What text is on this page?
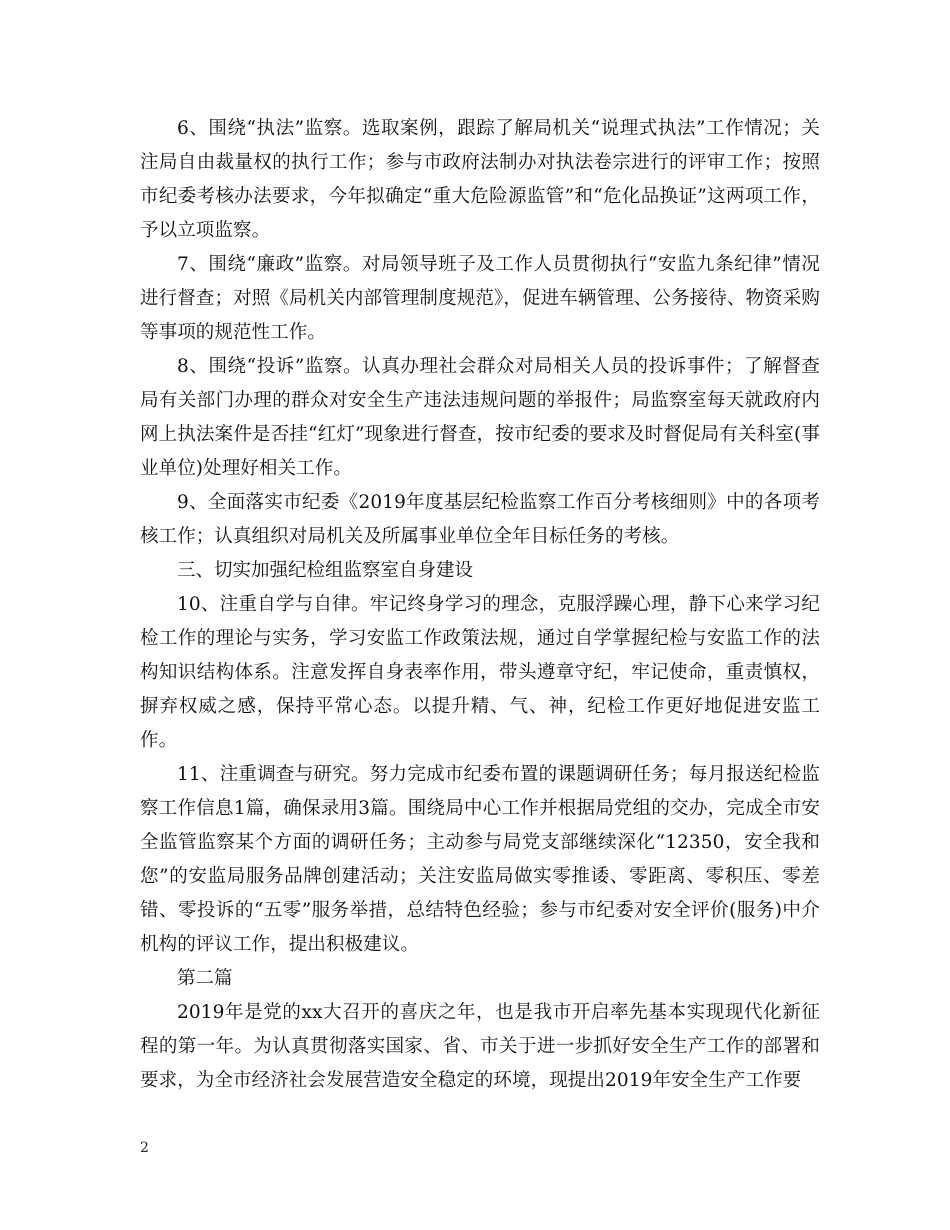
6、围绕“执法”监察。选取案例，跟踪了解局机关“说理式执法”工作情况；关注局自由裁量权的执行工作；参与市政府法制办对执法卷宗进行的评审工作；按照市纪委考核办法要求，今年拟确定“重大危险源监管”和“危化品换证”这两项工作，予以立项监察。

7、围绕“廉政”监察。对局领导班子及工作人员贯彻执行“安监九条纪律”情况进行督查；对照《局机关内部管理制度规范》，促进车辆管理、公务接待、物资采购等事项的规范性工作。

8、围绕“投诉”监察。认真办理社会群众对局相关人员的投诉事件；了解督查局有关部门办理的群众对安全生产违法违规问题的举报件；局监察室每天就政府内网上执法案件是否挂“红灯”现象进行督查，按市纪委的要求及时督促局有关科室(事业单位)处理好相关工作。

9、全面落实市纪委《2019年度基层纪检监察工作百分考核细则》中的各项考核工作；认真组织对局机关及所属事业单位全年目标任务的考核。

三、切实加强纪检组监察室自身建设

10、注重自学与自律。牢记终身学习的理念，克服浮躁心理，静下心来学习纪检工作的理论与实务，学习安监工作政策法规，通过自学掌握纪检与安监工作的法构知识结构体系。注意发挥自身表率作用，带头遵章守纪，牢记使命，重责慎权，摒弃权威之感，保持平常心态。以提升精、气、神，纪检工作更好地促进安监工作。

11、注重调查与研究。努力完成市纪委布置的课题调研任务；每月报送纪检监察工作信息1篇，确保录用3篇。围绕局中心工作并根据局党组的交办，完成全市安全监管监察某个方面的调研任务；主动参与局党支部继续深化“12350，安全我和您”的安监局服务品牌创建活动；关注安监局做实零推诿、零距离、零积压、零差错、零投诉的“五零”服务举措，总结特色经验；参与市纪委对安全评价(服务)中介机构的评议工作，提出积极建议。

第二篇

2019年是党的xx大召开的喜庆之年，也是我市开启率先基本实现现代化新征程的第一年。为认真贯彻落实国家、省、市关于进一步抓好安全生产工作的部署和要求，为全市经济社会发展营造安全稳定的环境，现提出2019年安全生产工作要

2
